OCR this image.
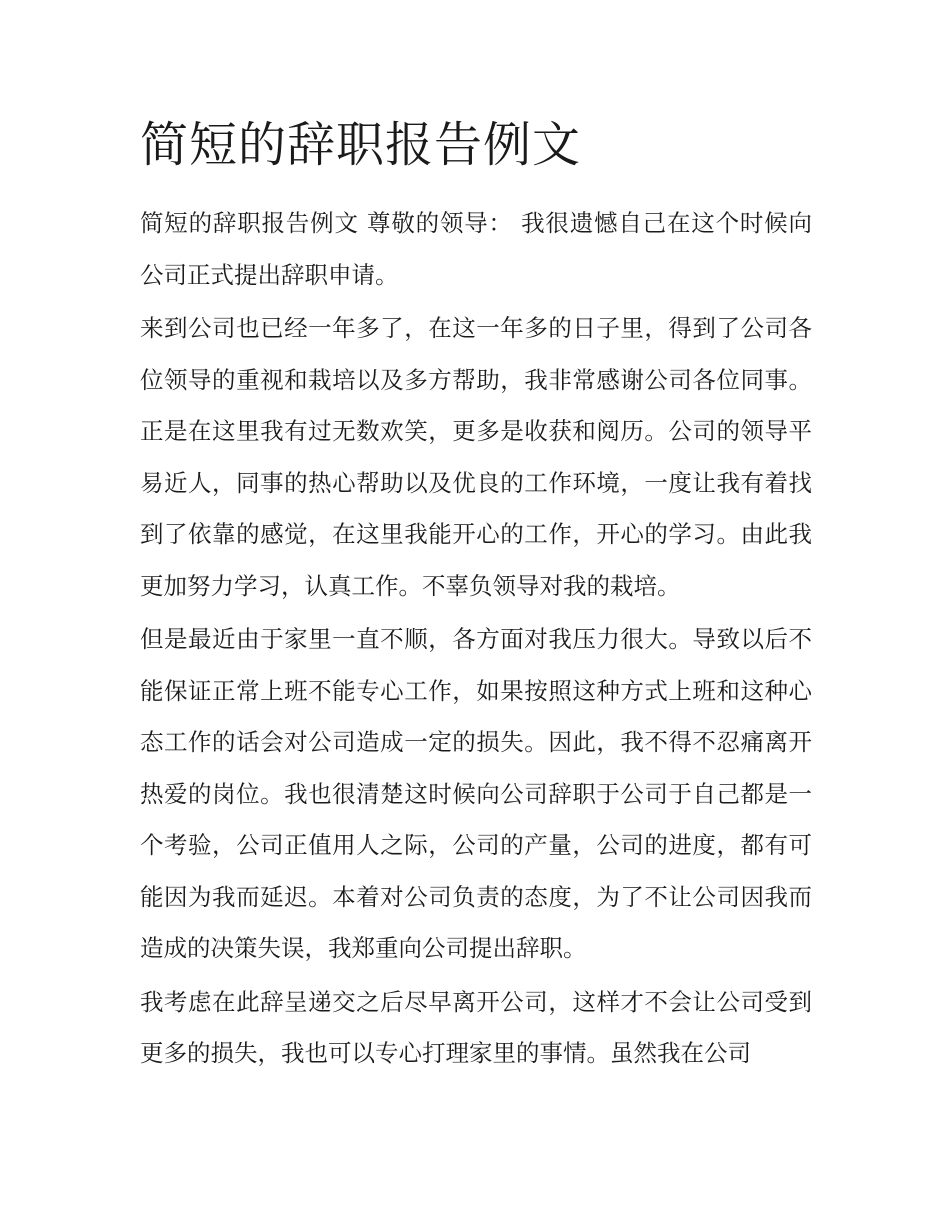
简短的辞职报告例文

简短的辞职报告例文 尊敬的领导： 我很遗憾自己在这个时候向公司正式提出辞职申请。

来到公司也已经一年多了，在这一年多的日子里，得到了公司各位领导的重视和栽培以及多方帮助，我非常感谢公司各位同事。正是在这里我有过无数欢笑，更多是收获和阅历。公司的领导平易近人，同事的热心帮助以及优良的工作环境，一度让我有着找到了依靠的感觉，在这里我能开心的工作，开心的学习。由此我更加努力学习，认真工作。不辜负领导对我的栽培。

但是最近由于家里一直不顺，各方面对我压力很大。导致以后不能保证正常上班不能专心工作，如果按照这种方式上班和这种心态工作的话会对公司造成一定的损失。因此，我不得不忍痛离开热爱的岗位。我也很清楚这时候向公司辞职于公司于自己都是一个考验，公司正值用人之际，公司的产量，公司的进度，都有可能因为我而延迟。本着对公司负责的态度，为了不让公司因我而造成的决策失误，我郑重向公司提出辞职。

我考虑在此辞呈递交之后尽早离开公司，这样才不会让公司受到更多的损失，我也可以专心打理家里的事情。虽然我在公司
